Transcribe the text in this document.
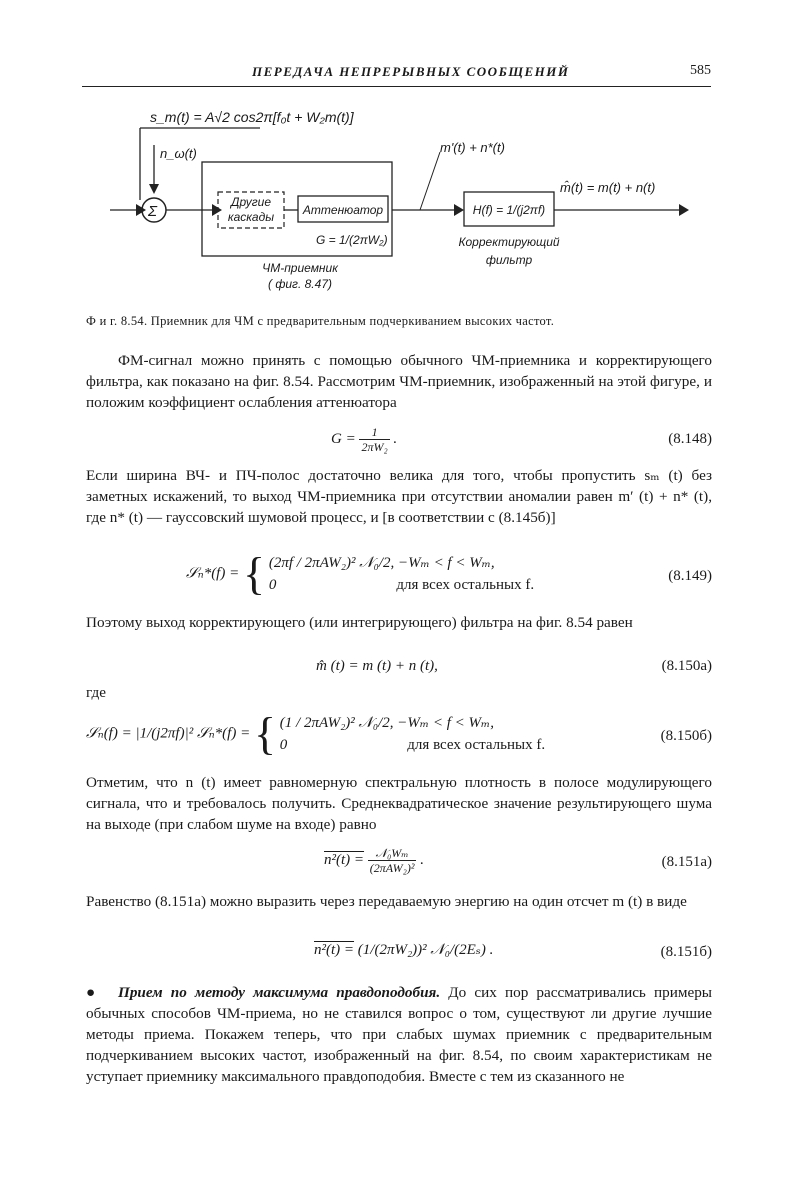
ПЕРЕДАЧА НЕПРЕРЫВНЫХ СООБЩЕНИЙ	585
s_m(t) = A√2 cos2π[f₀t + W₂m(t)]
n_ω(t)
Σ
Другие
каскады Аттенюатор
G = 1/(2πW₂)
ЧМ-приемник
( фиг. 8.47)
m'(t) + n*(t)
H(f) = 1/(j2πf)
Корректирующий
фильтр
m̂(t) = m(t) + n(t)
Ф и г. 8.54. Приемник для ЧМ с предварительным подчеркиванием высоких частот.
ФМ-сигнал можно принять с помощью обычного ЧМ-приемника и корректирующего фильтра, как показано на фиг. 8.54. Рассмотрим ЧМ-приемник, изображенный на этой фигуре, и положим коэффициент ослабления аттенюатора
$G = \frac{1}{\text{2πW₂}}$ .	(8.148)
Если ширина ВЧ- и ПЧ-полос достаточно велика для того, чтобы пропустить sₘ (t) без заметных искажений, то выход ЧМ-приемника при отсутствии аномалии равен m′ (t) + n* (t), где n* (t) — гауссовский шумовой процесс, и [в соответствии с (8.145б)]
𝒮ₙ*(f) = { (2πf / 2πAW₂)² 𝒩₀/2, −Wₘ < f < Wₘ,
0	для всех остальных f.
(8.149)
Поэтому выход корректирующего (или интегрирующего) фильтра на фиг. 8.54 равен
m̂ (t) = m (t) + n (t),	(8.150а)
где
𝒮ₙ(f) = |1/(j2πf)|² 𝒮ₙ*(f) = { (1 / 2πAW₂)² 𝒩₀/2, −Wₘ < f < Wₘ,
0	для всех остальных f.
(8.150б)
Отметим, что n (t) имеет равномерную спектральную плотность в полосе модулирующего сигнала, что и требовалось получить. Среднеквадратическое значение результирующего шума на выходе (при слабом шуме на входе) равно
$n^2(t) = \frac{\text{𝒩₀Wₘ}}{\text{(2πAW₂)²}}$ .	(8.151а)
Равенство (8.151а) можно выразить через передаваемую энергию на один отсчет m (t) в виде
n²(t) = (1/(2πW₂))² 𝒩₀/(2Eₛ) .	(8.151б)
● Прием по методу максимума правдоподобия. До сих пор рассматривались примеры обычных способов ЧМ-приема, но не ставился вопрос о том, существуют ли другие лучшие методы приема. Покажем теперь, что при слабых шумах приемник с предварительным подчеркиванием высоких частот, изображенный на фиг. 8.54, по своим характеристикам не уступает приемнику максимального правдоподобия. Вместе с тем из сказанного не
